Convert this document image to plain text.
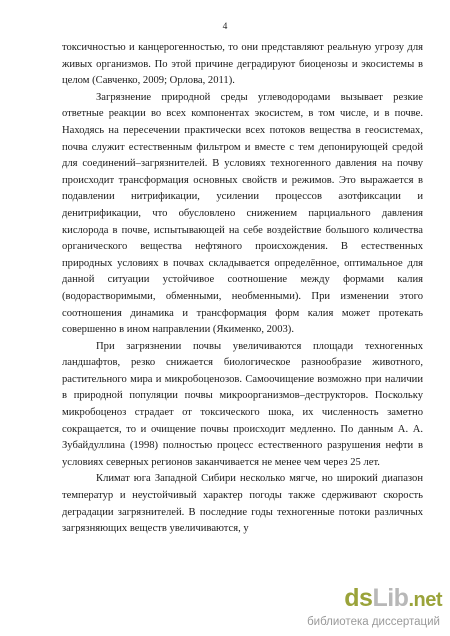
4

токсичностью и канцерогенностью, то они представляют реальную угрозу для живых организмов. По этой причине деградируют биоценозы и экосистемы в целом (Савченко, 2009; Орлова, 2011).

Загрязнение природной среды углеводородами вызывает резкие ответные реакции во всех компонентах экосистем, в том числе, и в почве. Находясь на пересечении практически всех потоков вещества в геосистемах, почва служит естественным фильтром и вместе с тем депонирующей средой для соединений–загрязнителей. В условиях техногенного давления на почву происходит трансформация основных свойств и режимов. Это выражается в подавлении нитрификации, усилении процессов азотфиксации и денитрификации, что обусловлено снижением парциального давления кислорода в почве, испытывающей на себе воздействие большого количества органического вещества нефтяного происхождения. В естественных природных условиях в почвах складывается определённое, оптимальное для данной ситуации устойчивое соотношение между формами калия (водорастворимыми, обменными, необменными). При изменении этого соотношения динамика и трансформация форм калия может протекать совершенно в ином направлении (Якименко, 2003).

При загрязнении почвы увеличиваются площади техногенных ландшафтов, резко снижается биологическое разнообразие животного, растительного мира и микробоценозов. Самоочищение возможно при наличии в природной популяции почвы микроорганизмов–деструкторов. Поскольку микробоценоз страдает от токсического шока, их численность заметно сокращается, то и очищение почвы происходит медленно. По данным А. А. Зубайдуллина (1998) полностью процесс естественного разрушения нефти в условиях северных регионов заканчивается не менее чем через 25 лет.

Климат юга Западной Сибири несколько мягче, но широкий диапазон температур и неустойчивый характер погоды также сдерживают скорость деградации загрязнителей. В последние годы техногенные потоки различных загрязняющих веществ увеличиваются, у

dsLib.net
библиотека диссертаций
